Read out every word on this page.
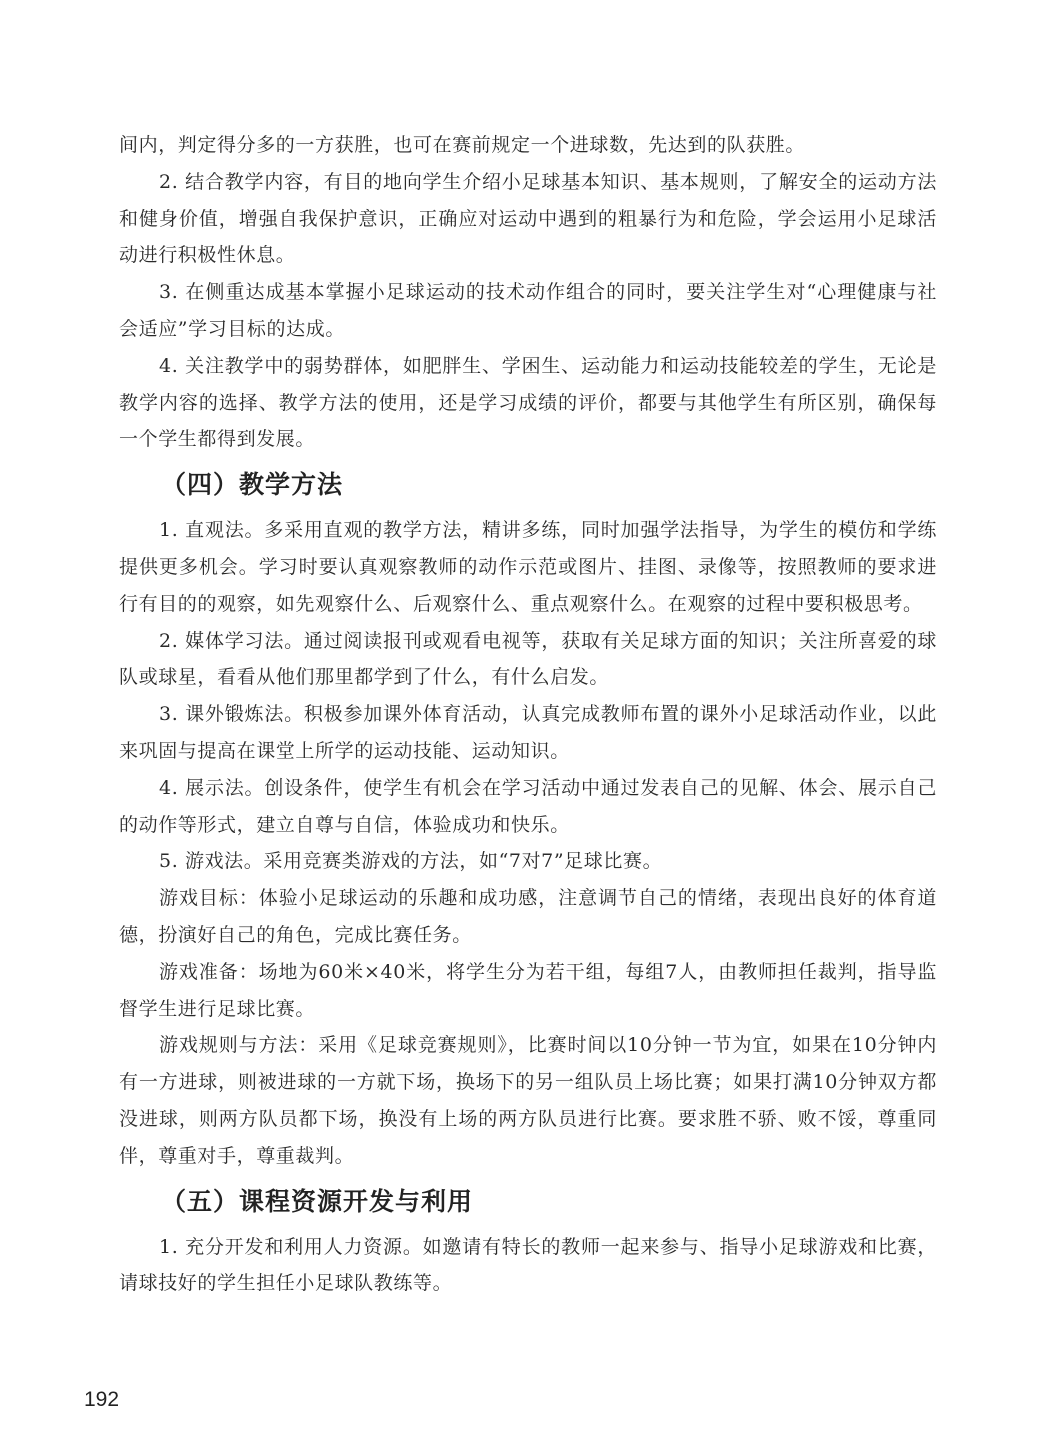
间内，判定得分多的一方获胜，也可在赛前规定一个进球数，先达到的队获胜。

2. 结合教学内容，有目的地向学生介绍小足球基本知识、基本规则，了解安全的运动方法和健身价值，增强自我保护意识，正确应对运动中遇到的粗暴行为和危险，学会运用小足球活动进行积极性休息。

3. 在侧重达成基本掌握小足球运动的技术动作组合的同时，要关注学生对“心理健康与社会适应”学习目标的达成。

4. 关注教学中的弱势群体，如肥胖生、学困生、运动能力和运动技能较差的学生，无论是教学内容的选择、教学方法的使用，还是学习成绩的评价，都要与其他学生有所区别，确保每一个学生都得到发展。

（四）教学方法

1. 直观法。多采用直观的教学方法，精讲多练，同时加强学法指导，为学生的模仿和学练提供更多机会。学习时要认真观察教师的动作示范或图片、挂图、录像等，按照教师的要求进行有目的的观察，如先观察什么、后观察什么、重点观察什么。在观察的过程中要积极思考。

2. 媒体学习法。通过阅读报刊或观看电视等，获取有关足球方面的知识；关注所喜爱的球队或球星，看看从他们那里都学到了什么，有什么启发。

3. 课外锻炼法。积极参加课外体育活动，认真完成教师布置的课外小足球活动作业，以此来巩固与提高在课堂上所学的运动技能、运动知识。

4. 展示法。创设条件，使学生有机会在学习活动中通过发表自己的见解、体会、展示自己的动作等形式，建立自尊与自信，体验成功和快乐。

5. 游戏法。采用竞赛类游戏的方法，如“7对7”足球比赛。

游戏目标：体验小足球运动的乐趣和成功感，注意调节自己的情绪，表现出良好的体育道德，扮演好自己的角色，完成比赛任务。

游戏准备：场地为60米×40米，将学生分为若干组，每组7人，由教师担任裁判，指导监督学生进行足球比赛。

游戏规则与方法：采用《足球竞赛规则》，比赛时间以10分钟一节为宜，如果在10分钟内有一方进球，则被进球的一方就下场，换场下的另一组队员上场比赛；如果打满10分钟双方都没进球，则两方队员都下场，换没有上场的两方队员进行比赛。要求胜不骄、败不馁，尊重同伴，尊重对手，尊重裁判。

（五）课程资源开发与利用

1. 充分开发和利用人力资源。如邀请有特长的教师一起来参与、指导小足球游戏和比赛，请球技好的学生担任小足球队教练等。

192
